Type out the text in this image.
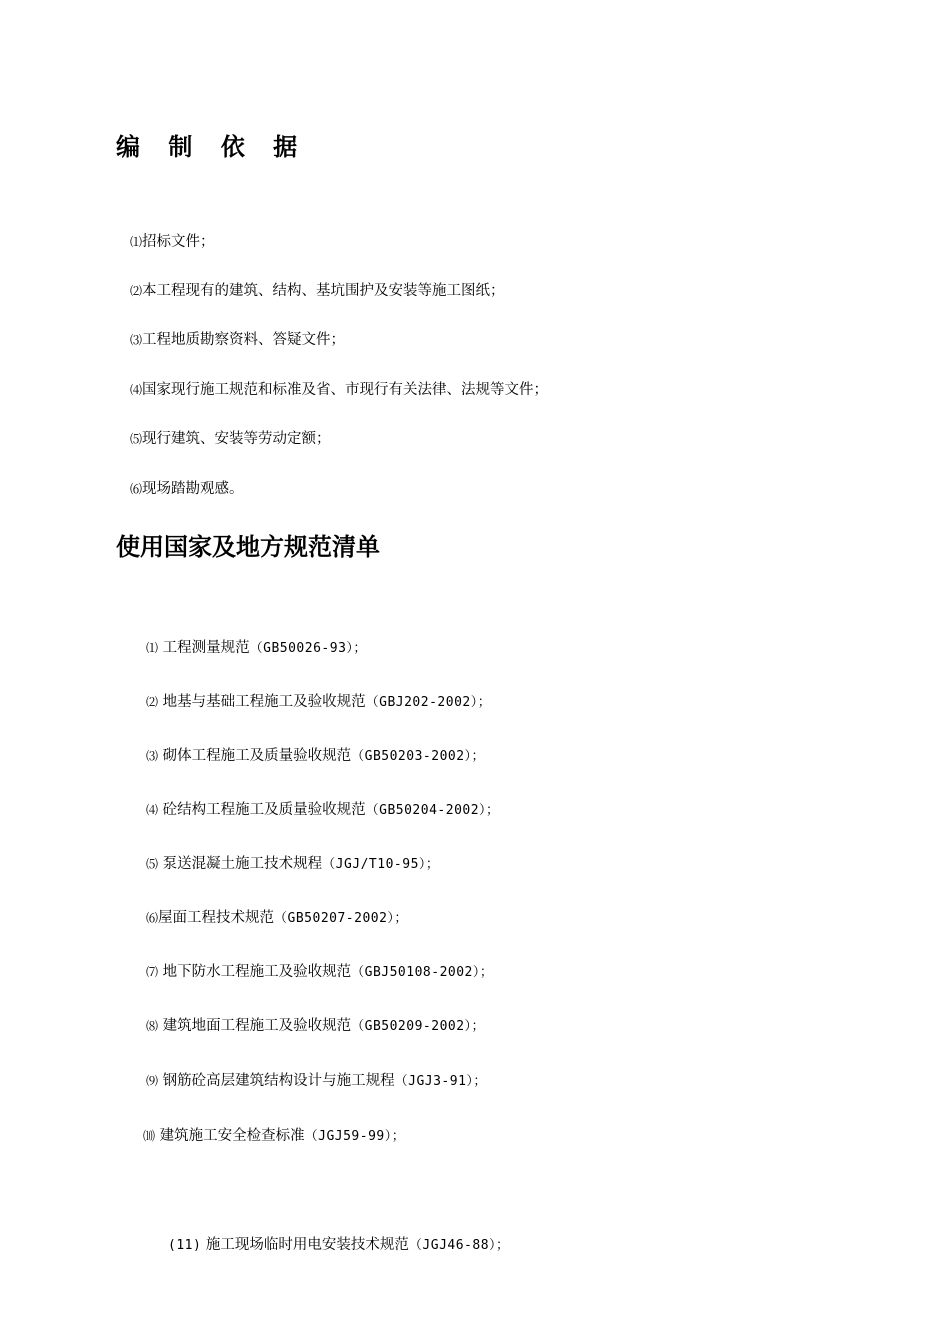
编 制 依 据
⑴招标文件；
⑵本工程现有的建筑、结构、基坑围护及安装等施工图纸；
⑶工程地质勘察资料、答疑文件；
⑷国家现行施工规范和标准及省、市现行有关法律、法规等文件；
⑸现行建筑、安装等劳动定额；
⑹现场踏勘观感。
使用国家及地方规范清单
⑴ 工程测量规范（GB50026-93）；
⑵ 地基与基础工程施工及验收规范（GBJ202-2002）；
⑶ 砌体工程施工及质量验收规范（GB50203-2002）；
⑷ 砼结构工程施工及质量验收规范（GB50204-2002）；
⑸ 泵送混凝土施工技术规程（JGJ/T10-95）；
⑹屋面工程技术规范（GB50207-2002）；
⑺ 地下防水工程施工及验收规范（GBJ50108-2002）；
⑻ 建筑地面工程施工及验收规范（GB50209-2002）；
⑼ 钢筋砼高层建筑结构设计与施工规程（JGJ3-91）；
⑽ 建筑施工安全检查标准（JGJ59-99）；
(11) 施工现场临时用电安装技术规范（JGJ46-88）；
